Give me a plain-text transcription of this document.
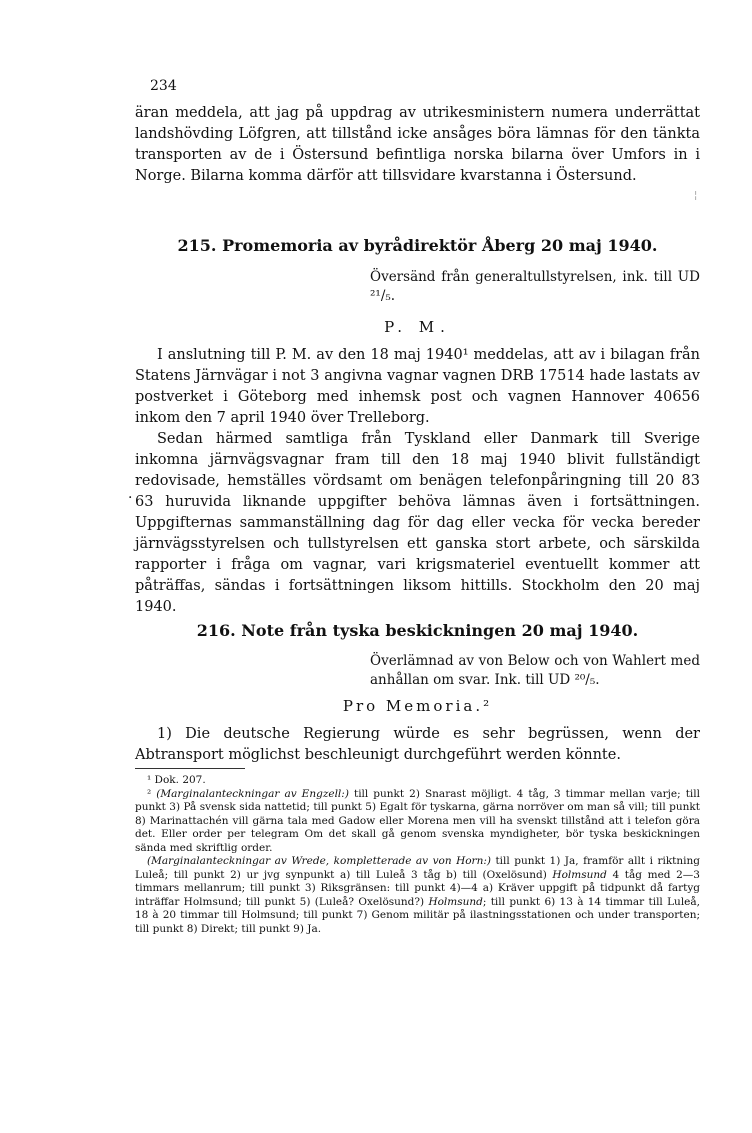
234

äran meddela, att jag på uppdrag av utrikesministern numera underrättat landshövding Löfgren, att tillstånd icke ansåges böra lämnas för den tänkta transporten av de i Östersund befintliga norska bilarna över Umfors in i Norge. Bilarna komma därför att tillsvidare kvarstanna i Östersund.

¦
215. Promemoria av byrådirektör Åberg 20 maj 1940.

Översänd från generaltullstyrelsen, ink. till UD ²¹/₅.

P. M.

I anslutning till P. M. av den 18 maj 1940¹ meddelas, att av i bilagan från Statens Järnvägar i not 3 angivna vagnar vagnen DRB 17514 hade lastats av postverket i Göteborg med inhemsk post och vagnen Hannover 40656 inkom den 7 april 1940 över Trelleborg.

Sedan härmed samtliga från Tyskland eller Danmark till Sverige inkomna järnvägsvagnar fram till den 18 maj 1940 blivit fullständigt redovisade, hemställes vördsamt om benägen telefonpåringning till 20 83 63 huruvida liknande uppgifter behöva lämnas även i fortsättningen. Uppgifternas sammanställning dag för dag eller vecka för vecka bereder järnvägsstyrelsen och tullstyrelsen ett ganska stort arbete, och särskilda rapporter i fråga om vagnar, vari krigsmateriel eventuellt kommer att påträffas, sändas i fortsättningen liksom hittills. Stockholm den 20 maj 1940.

·
216. Note från tyska beskickningen 20 maj 1940.

Överlämnad av von Below och von Wahlert med anhållan om svar. Ink. till UD ²⁰/₅.

Pro Memoria.²

1) Die deutsche Regierung würde es sehr begrüssen, wenn der Abtransport möglichst beschleunigt durchgeführt werden könnte.

¹ Dok. 207.

² (Marginalanteckningar av Engzell:) till punkt 2) Snarast möjligt. 4 tåg, 3 timmar mellan varje; till punkt 3) På svensk sida nattetid; till punkt 5) Egalt för tyskarna, gärna norröver om man så vill; till punkt 8) Marinattachén vill gärna tala med Gadow eller Morena men vill ha svenskt tillstånd att i telefon göra det. Eller order per telegram Om det skall gå genom svenska myndigheter, bör tyska beskickningen sända med skriftlig order.

(Marginalanteckningar av Wrede, kompletterade av von Horn:) till punkt 1) Ja, framför allt i riktning Luleå; till punkt 2) ur jvg synpunkt a) till Luleå 3 tåg b) till (Oxelösund) Holmsund 4 tåg med 2—3 timmars mellanrum; till punkt 3) Riksgränsen: till punkt 4)—4 a) Kräver uppgift på tidpunkt då fartyg inträffar Holmsund; till punkt 5) (Luleå? Oxelösund?) Holmsund; till punkt 6) 13 à 14 timmar till Luleå, 18 à 20 timmar till Holmsund; till punkt 7) Genom militär på ilastningsstationen och under transporten; till punkt 8) Direkt; till punkt 9) Ja.
